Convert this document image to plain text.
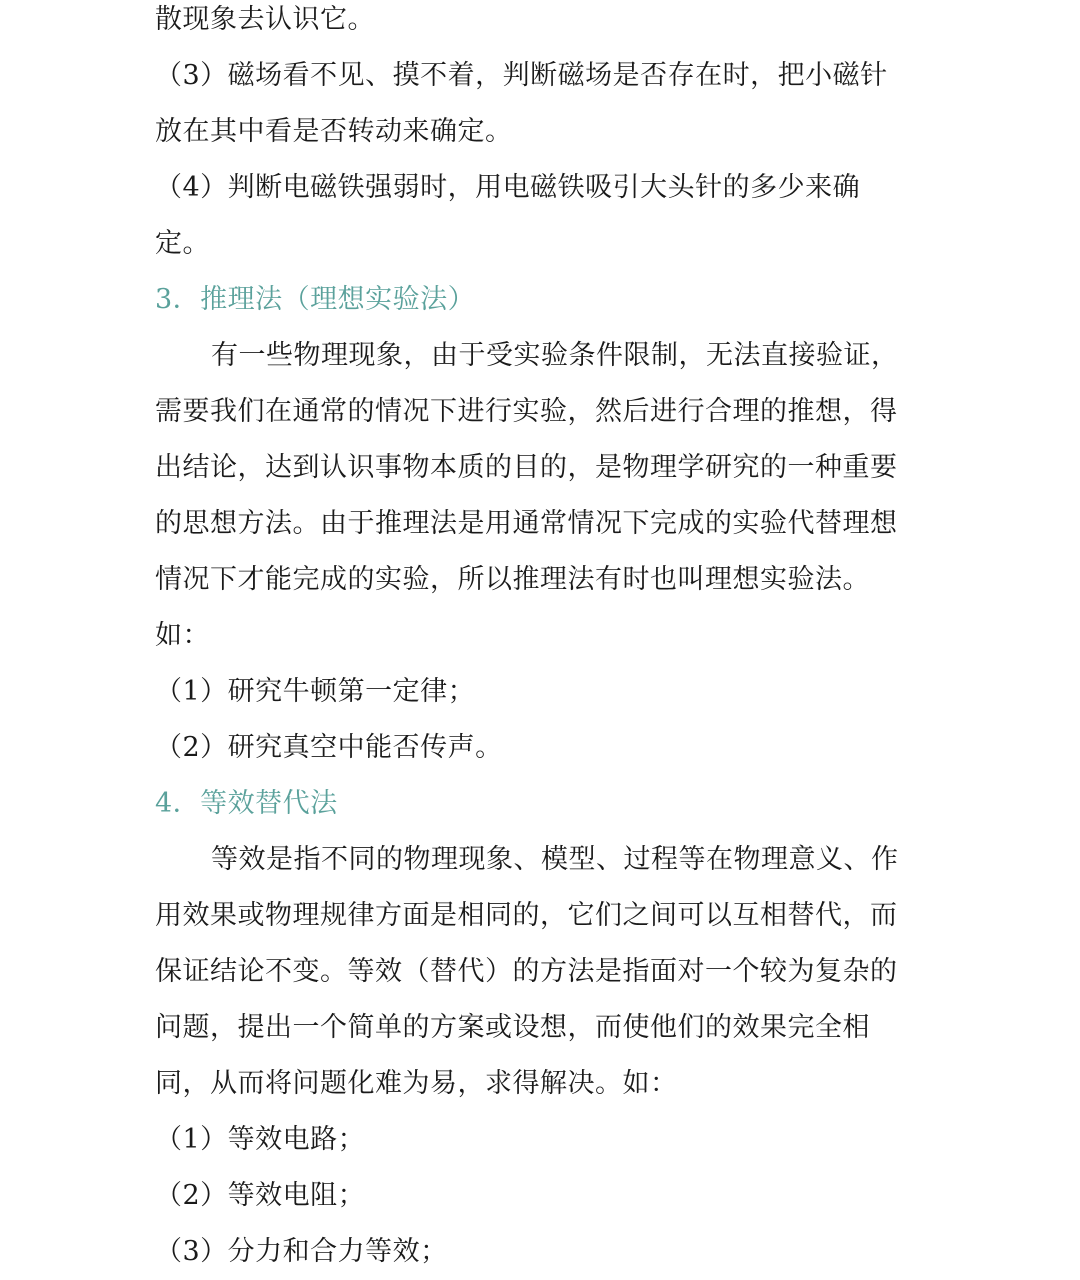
散现象去认识它。
（3）磁场看不见、摸不着，判断磁场是否存在时，把小磁针
放在其中看是否转动来确定。
（4）判断电磁铁强弱时，用电磁铁吸引大头针的多少来确
定。
3．推理法（理想实验法）
有一些物理现象，由于受实验条件限制，无法直接验证，
需要我们在通常的情况下进行实验，然后进行合理的推想，得
出结论，达到认识事物本质的目的，是物理学研究的一种重要
的思想方法。由于推理法是用通常情况下完成的实验代替理想
情况下才能完成的实验，所以推理法有时也叫理想实验法。
如：
（1）研究牛顿第一定律；
（2）研究真空中能否传声。
4．等效替代法
等效是指不同的物理现象、模型、过程等在物理意义、作
用效果或物理规律方面是相同的，它们之间可以互相替代，而
保证结论不变。等效（替代）的方法是指面对一个较为复杂的
问题，提出一个简单的方案或设想，而使他们的效果完全相
同，从而将问题化难为易，求得解决。如：
（1）等效电路；
（2）等效电阻；
（3）分力和合力等效；
